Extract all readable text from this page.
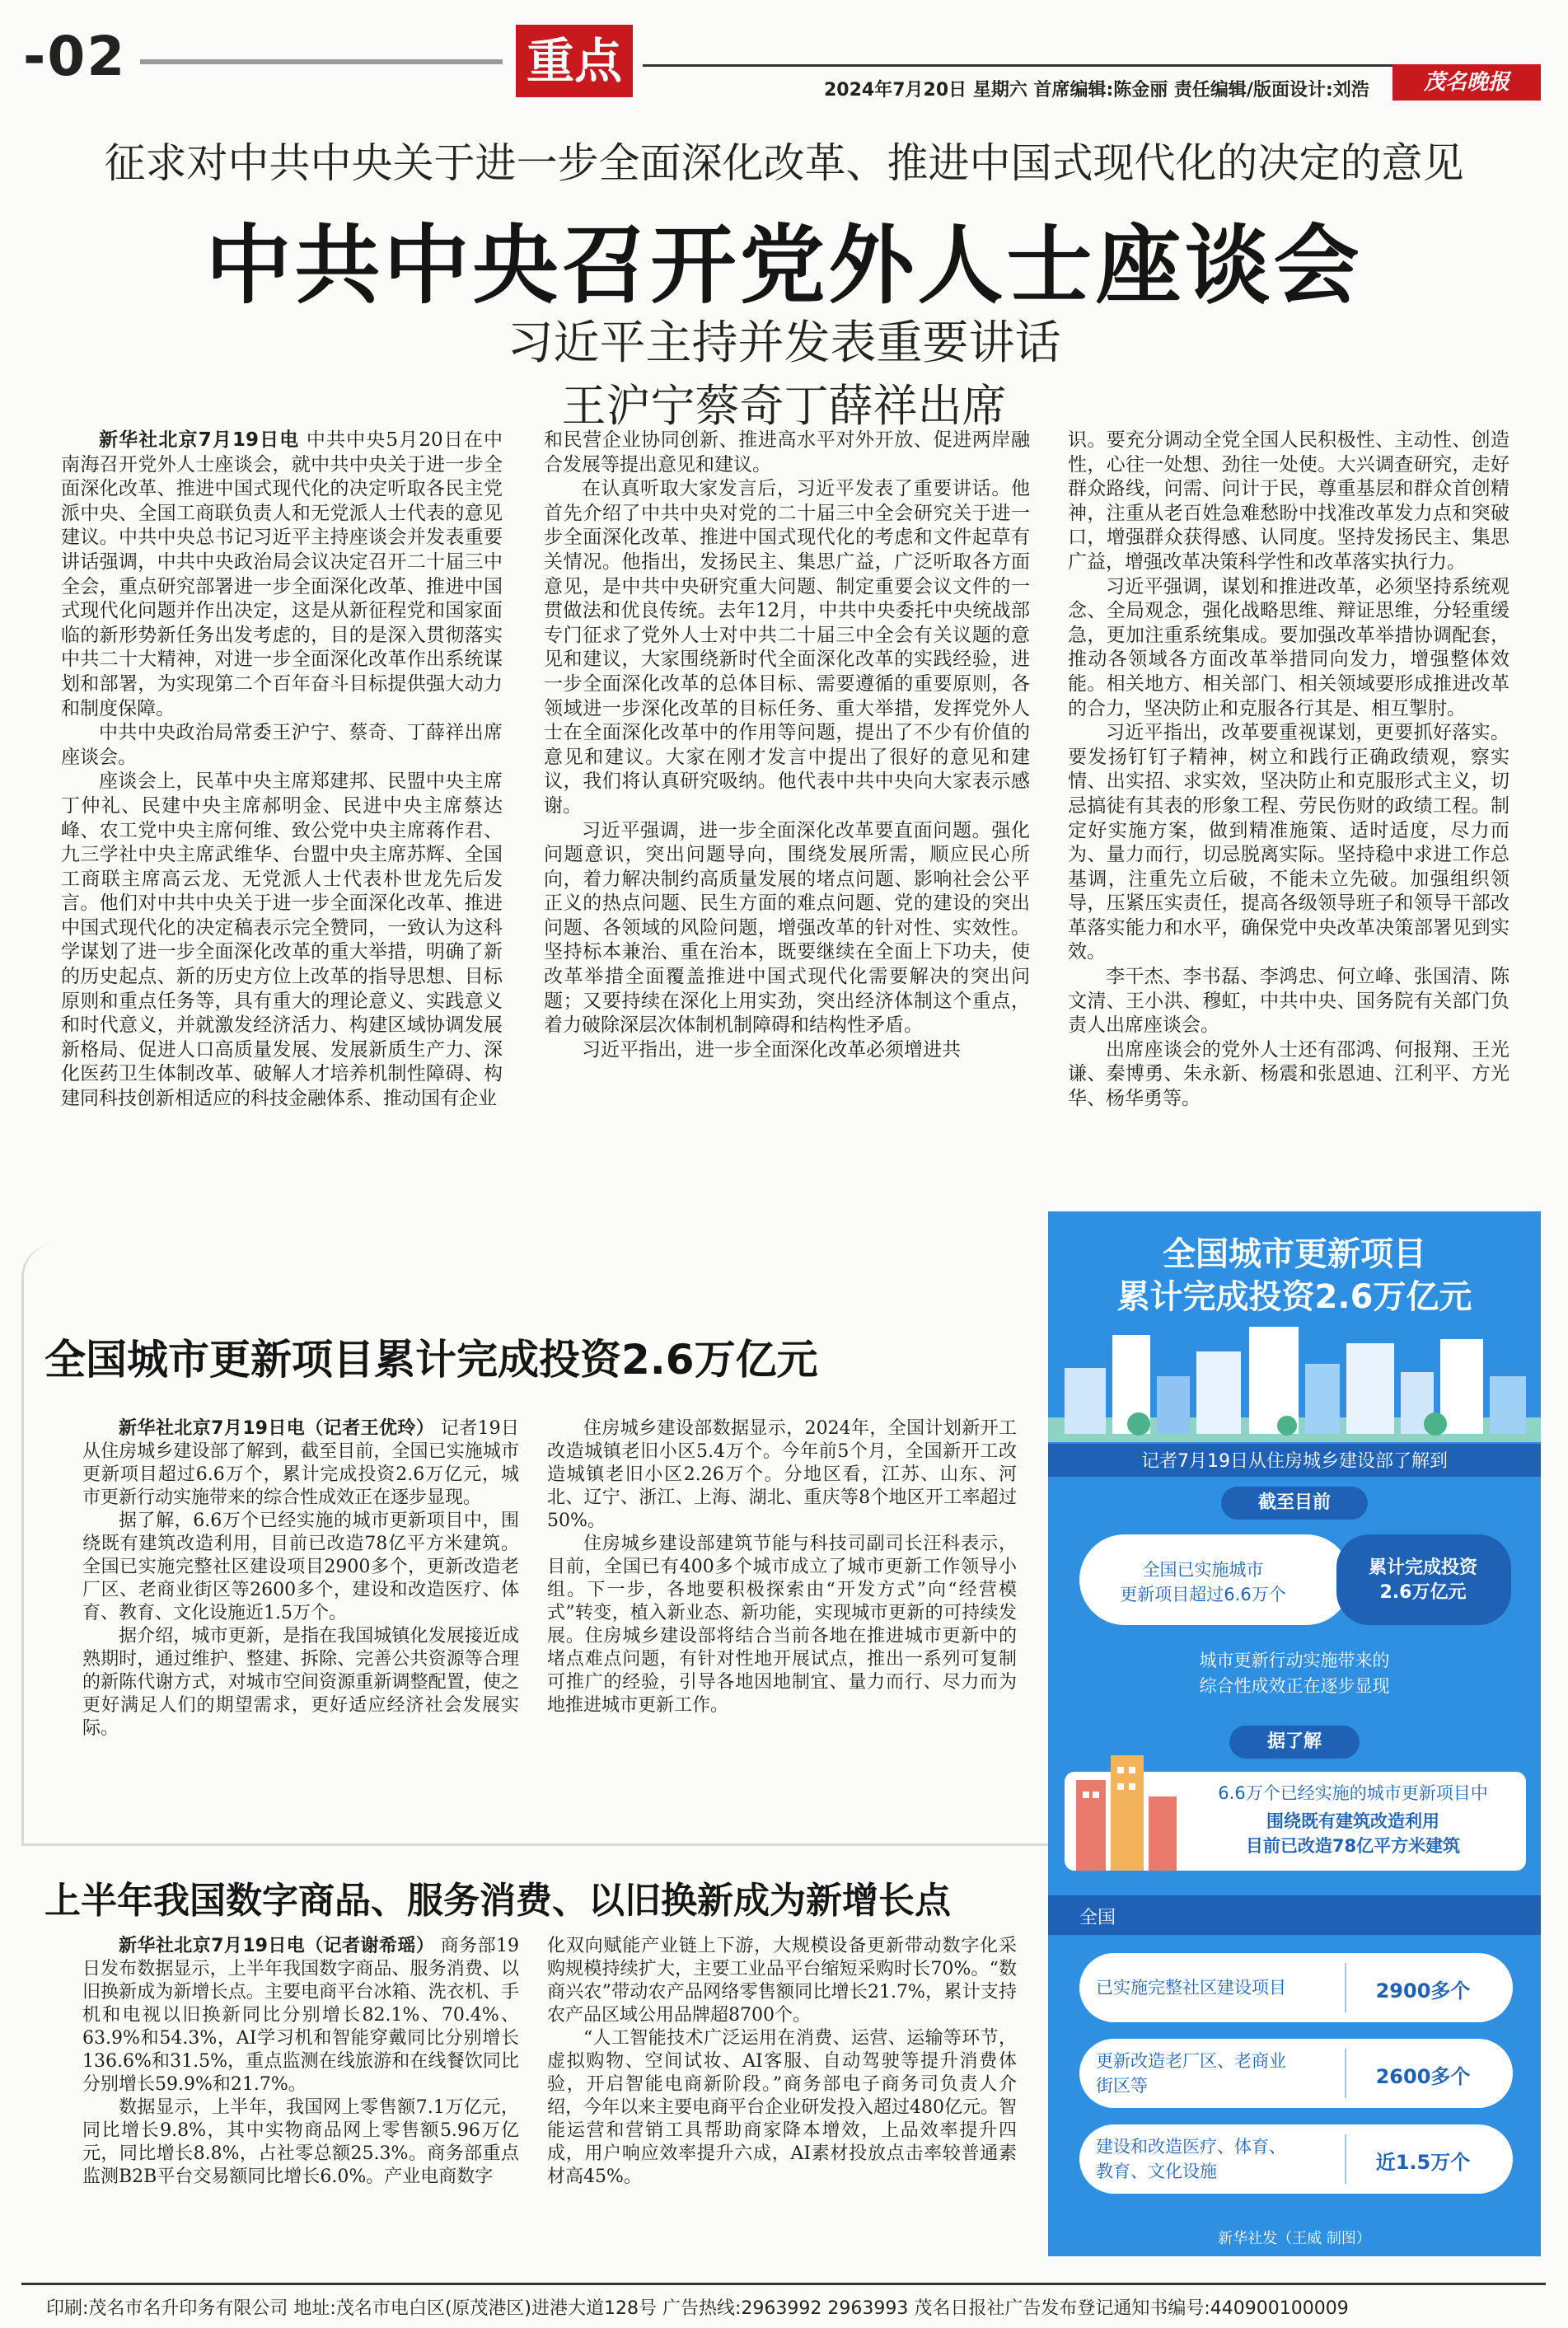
-02	重点
2024年7月20日 星期六 首席编辑:陈金丽 责任编辑/版面设计:刘浩	茂名晚报
征求对中共中央关于进一步全面深化改革、推进中国式现代化的决定的意见
中共中央召开党外人士座谈会
习近平主持并发表重要讲话
王沪宁蔡奇丁薛祥出席

新华社北京7月19日电 中共中央5月20日在中南海召开党外人士座谈会，就中共中央关于进一步全面深化改革、推进中国式现代化的决定听取各民主党派中央、全国工商联负责人和无党派人士代表的意见建议。中共中央总书记习近平主持座谈会并发表重要讲话强调，中共中央政治局会议决定召开二十届三中全会，重点研究部署进一步全面深化改革、推进中国式现代化问题并作出决定，这是从新征程党和国家面临的新形势新任务出发考虑的，目的是深入贯彻落实中共二十大精神，对进一步全面深化改革作出系统谋划和部署，为实现第二个百年奋斗目标提供强大动力和制度保障。

中共中央政治局常委王沪宁、蔡奇、丁薛祥出席座谈会。

座谈会上，民革中央主席郑建邦、民盟中央主席丁仲礼、民建中央主席郝明金、民进中央主席蔡达峰、农工党中央主席何维、致公党中央主席蒋作君、九三学社中央主席武维华、台盟中央主席苏辉、全国工商联主席高云龙、无党派人士代表朴世龙先后发言。他们对中共中央关于进一步全面深化改革、推进中国式现代化的决定稿表示完全赞同，一致认为这科学谋划了进一步全面深化改革的重大举措，明确了新的历史起点、新的历史方位上改革的指导思想、目标原则和重点任务等，具有重大的理论意义、实践意义和时代意义，并就激发经济活力、构建区域协调发展新格局、促进人口高质量发展、发展新质生产力、深化医药卫生体制改革、破解人才培养机制性障碍、构建同科技创新相适应的科技金融体系、推动国有企业

和民营企业协同创新、推进高水平对外开放、促进两岸融合发展等提出意见和建议。

在认真听取大家发言后，习近平发表了重要讲话。他首先介绍了中共中央对党的二十届三中全会研究关于进一步全面深化改革、推进中国式现代化的考虑和文件起草有关情况。他指出，发扬民主、集思广益，广泛听取各方面意见，是中共中央研究重大问题、制定重要会议文件的一贯做法和优良传统。去年12月，中共中央委托中央统战部专门征求了党外人士对中共二十届三中全会有关议题的意见和建议，大家围绕新时代全面深化改革的实践经验，进一步全面深化改革的总体目标、需要遵循的重要原则，各领域进一步深化改革的目标任务、重大举措，发挥党外人士在全面深化改革中的作用等问题，提出了不少有价值的意见和建议。大家在刚才发言中提出了很好的意见和建议，我们将认真研究吸纳。他代表中共中央向大家表示感谢。

习近平强调，进一步全面深化改革要直面问题。强化问题意识，突出问题导向，围绕发展所需，顺应民心所向，着力解决制约高质量发展的堵点问题、影响社会公平正义的热点问题、民生方面的难点问题、党的建设的突出问题、各领域的风险问题，增强改革的针对性、实效性。坚持标本兼治、重在治本，既要继续在全面上下功夫，使改革举措全面覆盖推进中国式现代化需要解决的突出问题；又要持续在深化上用实劲，突出经济体制这个重点，着力破除深层次体制机制障碍和结构性矛盾。

习近平指出，进一步全面深化改革必须增进共

识。要充分调动全党全国人民积极性、主动性、创造性，心往一处想、劲往一处使。大兴调查研究，走好群众路线，问需、问计于民，尊重基层和群众首创精神，注重从老百姓急难愁盼中找准改革发力点和突破口，增强群众获得感、认同度。坚持发扬民主、集思广益，增强改革决策科学性和改革落实执行力。

习近平强调，谋划和推进改革，必须坚持系统观念、全局观念，强化战略思维、辩证思维，分轻重缓急，更加注重系统集成。要加强改革举措协调配套，推动各领域各方面改革举措同向发力，增强整体效能。相关地方、相关部门、相关领域要形成推进改革的合力，坚决防止和克服各行其是、相互掣肘。

习近平指出，改革要重视谋划，更要抓好落实。要发扬钉钉子精神，树立和践行正确政绩观，察实情、出实招、求实效，坚决防止和克服形式主义，切忌搞徒有其表的形象工程、劳民伤财的政绩工程。制定好实施方案，做到精准施策、适时适度，尽力而为、量力而行，切忌脱离实际。坚持稳中求进工作总基调，注重先立后破，不能未立先破。加强组织领导，压紧压实责任，提高各级领导班子和领导干部改革落实能力和水平，确保党中央改革决策部署见到实效。

李干杰、李书磊、李鸿忠、何立峰、张国清、陈文清、王小洪、穆虹，中共中央、国务院有关部门负责人出席座谈会。

出席座谈会的党外人士还有邵鸿、何报翔、王光谦、秦博勇、朱永新、杨震和张恩迪、江利平、方光华、杨华勇等。

全国城市更新项目累计完成投资2.6万亿元

新华社北京7月19日电（记者王优玲） 记者19日从住房城乡建设部了解到，截至目前，全国已实施城市更新项目超过6.6万个，累计完成投资2.6万亿元，城市更新行动实施带来的综合性成效正在逐步显现。

据了解，6.6万个已经实施的城市更新项目中，围绕既有建筑改造利用，目前已改造78亿平方米建筑。全国已实施完整社区建设项目2900多个，更新改造老厂区、老商业街区等2600多个，建设和改造医疗、体育、教育、文化设施近1.5万个。

据介绍，城市更新，是指在我国城镇化发展接近成熟期时，通过维护、整建、拆除、完善公共资源等合理的新陈代谢方式，对城市空间资源重新调整配置，使之更好满足人们的期望需求，更好适应经济社会发展实际。

住房城乡建设部数据显示，2024年，全国计划新开工改造城镇老旧小区5.4万个。今年前5个月，全国新开工改造城镇老旧小区2.26万个。分地区看，江苏、山东、河北、辽宁、浙江、上海、湖北、重庆等8个地区开工率超过50%。

住房城乡建设部建筑节能与科技司副司长汪科表示，目前，全国已有400多个城市成立了城市更新工作领导小组。下一步，各地要积极探索由“开发方式”向“经营模式”转变，植入新业态、新功能，实现城市更新的可持续发展。住房城乡建设部将结合当前各地在推进城市更新中的堵点难点问题，有针对性地开展试点，推出一系列可复制可推广的经验，引导各地因地制宜、量力而行、尽力而为地推进城市更新工作。

上半年我国数字商品、服务消费、以旧换新成为新增长点

新华社北京7月19日电（记者谢希瑶） 商务部19日发布数据显示，上半年我国数字商品、服务消费、以旧换新成为新增长点。主要电商平台冰箱、洗衣机、手机和电视以旧换新同比分别增长82.1%、70.4%、63.9%和54.3%，AI学习机和智能穿戴同比分别增长136.6%和31.5%，重点监测在线旅游和在线餐饮同比分别增长59.9%和21.7%。

数据显示，上半年，我国网上零售额7.1万亿元，同比增长9.8%，其中实物商品网上零售额5.96万亿元，同比增长8.8%，占社零总额25.3%。商务部重点监测B2B平台交易额同比增长6.0%。产业电商数字

化双向赋能产业链上下游，大规模设备更新带动数字化采购规模持续扩大，主要工业品平台缩短采购时长70%。“数商兴农”带动农产品网络零售额同比增长21.7%，累计支持农产品区域公用品牌超8700个。

“人工智能技术广泛运用在消费、运营、运输等环节，虚拟购物、空间试妆、AI客服、自动驾驶等提升消费体验，开启智能电商新阶段。”商务部电子商务司负责人介绍，今年以来主要电商平台企业研发投入超过480亿元。智能运营和营销工具帮助商家降本增效，上品效率提升四成，用户响应效率提升六成，AI素材投放点击率较普通素材高45%。

全国城市更新项目
累计完成投资2.6万亿元
记者7月19日从住房城乡建设部了解到
截至目前
全国已实施城市
更新项目超过6.6万个
累计完成投资
2.6万亿元
城市更新行动实施带来的
综合性成效正在逐步显现
据了解
6.6万个已经实施的城市更新项目中
围绕既有建筑改造利用
目前已改造78亿平方米建筑
全国
已实施完整社区建设项目	2900多个
更新改造老厂区、老商业
街区等	2600多个
建设和改造医疗、体育、
教育、文化设施	近1.5万个
新华社发（王威 制图）
印刷:茂名市名升印务有限公司 地址:茂名市电白区(原茂港区)进港大道128号 广告热线:2963992 2963993 茂名日报社广告发布登记通知书编号:440900100009
